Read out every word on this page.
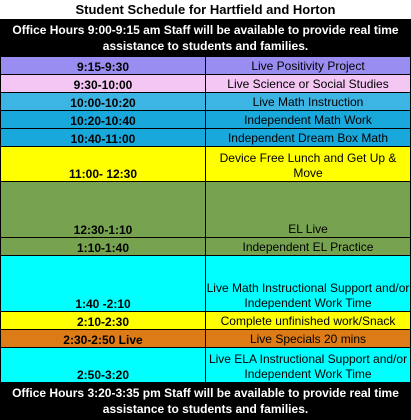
Student Schedule for Hartfield and Horton
Office Hours 9:00-9:15 am Staff will be available to provide real time assistance to students and families.	
9:15-9:30	Live Positivity Project
9:30-10:00	Live Science or Social Studies
10:00-10:20	Live Math Instruction
10:20-10:40	Independent Math Work
10:40-11:00	Independent Dream Box Math
11:00- 12:30	Device Free Lunch and Get Up & Move
12:30-1:10	EL Live
1:10-1:40	Independent EL Practice
1:40 -2:10	Live Math Instructional Support and/or Independent Work Time
2:10-2:30	Complete unfinished work/Snack
2:30-2:50 Live	Live Specials 20 mins
2:50-3:20	Live ELA Instructional Support and/or Independent Work Time
Office Hours 3:20-3:35 pm Staff will be available to provide real time assistance to students and families.	
